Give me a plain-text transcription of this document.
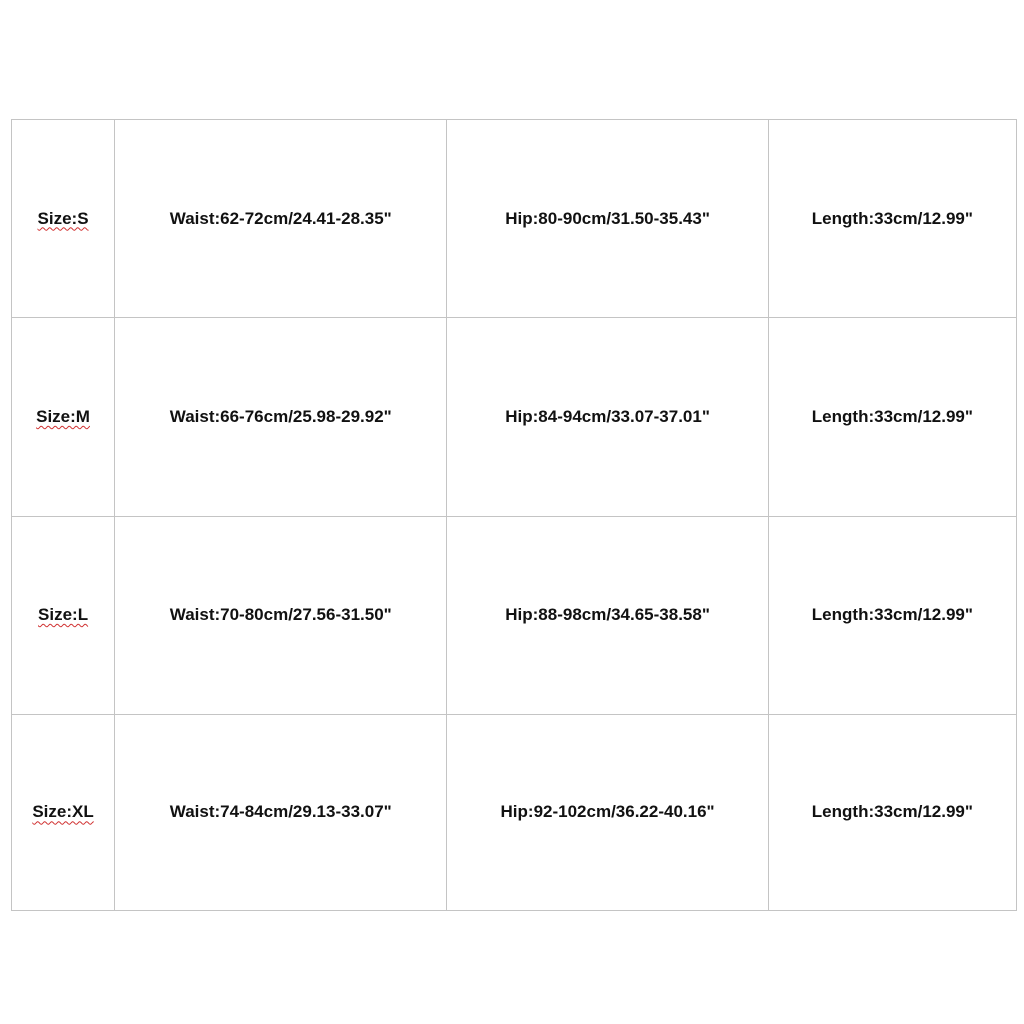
Size:S	Waist:62-72cm/24.41-28.35"	Hip:80-90cm/31.50-35.43"	Length:33cm/12.99"
Size:M	Waist:66-76cm/25.98-29.92"	Hip:84-94cm/33.07-37.01"	Length:33cm/12.99"
Size:L	Waist:70-80cm/27.56-31.50"	Hip:88-98cm/34.65-38.58"	Length:33cm/12.99"
Size:XL	Waist:74-84cm/29.13-33.07"	Hip:92-102cm/36.22-40.16"	Length:33cm/12.99"
